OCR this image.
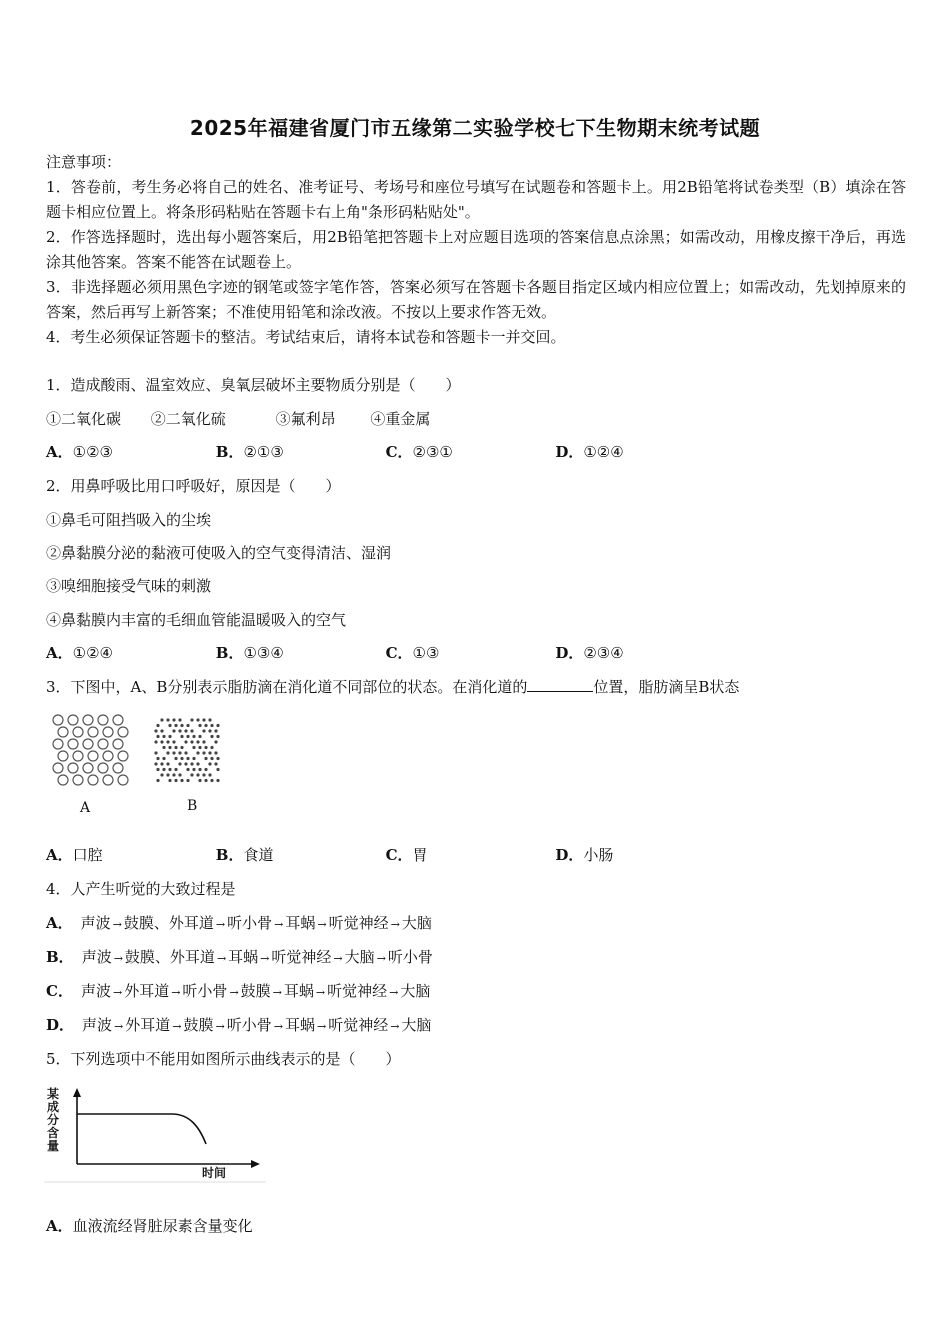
2025年福建省厦门市五缘第二实验学校七下生物期末统考试题

注意事项：

1．答卷前，考生务必将自己的姓名、准考证号、考场号和座位号填写在试题卷和答题卡上。用2B铅笔将试卷类型（B）填涂在答题卡相应位置上。将条形码粘贴在答题卡右上角"条形码粘贴处"。

2．作答选择题时，选出每小题答案后，用2B铅笔把答题卡上对应题目选项的答案信息点涂黑；如需改动，用橡皮擦干净后，再选涂其他答案。答案不能答在试题卷上。

3．非选择题必须用黑色字迹的钢笔或签字笔作答，答案必须写在答题卡各题目指定区域内相应位置上；如需改动，先划掉原来的答案，然后再写上新答案；不准使用铅笔和涂改液。不按以上要求作答无效。

4．考生必须保证答题卡的整洁。考试结束后，请将本试卷和答题卡一并交回。

1．造成酸雨、温室效应、臭氧层破坏主要物质分别是（　　）
①二氧化碳 ②二氧化硫	③氟利昂 ④重金属
A．①②③	B．②①③	C．②③①	D．①②④
2．用鼻呼吸比用口呼吸好，原因是（　　）
①鼻毛可阻挡吸入的尘埃
②鼻黏膜分泌的黏液可使吸入的空气变得清洁、湿润
③嗅细胞接受气味的刺激
④鼻黏膜内丰富的毛细血管能温暖吸入的空气
A．①②④	B．①③④	C．①③	D．②③④
3．下图中，A、B分别表示脂肪滴在消化道不同部位的状态。在消化道的	位置，脂肪滴呈B状态
A	B
A．口腔	B．食道	C．胃	D．小肠
4．人产生听觉的大致过程是
A． 声波 → 鼓膜、外耳道 → 听小骨 → 耳蜗 → 听觉神经 → 大脑
B． 声波 → 鼓膜、外耳道 → 耳蜗 → 听觉神经 → 大脑 → 听小骨
C． 声波 → 外耳道 → 听小骨 → 鼓膜 → 耳蜗 → 听觉神经 → 大脑
D． 声波 → 外耳道 → 鼓膜 → 听小骨 → 耳蜗 → 听觉神经 → 大脑
5．下列选项中不能用如图所示曲线表示的是（　　）
某
成
分
含
量
时间
A．血液流经肾脏尿素含量变化
